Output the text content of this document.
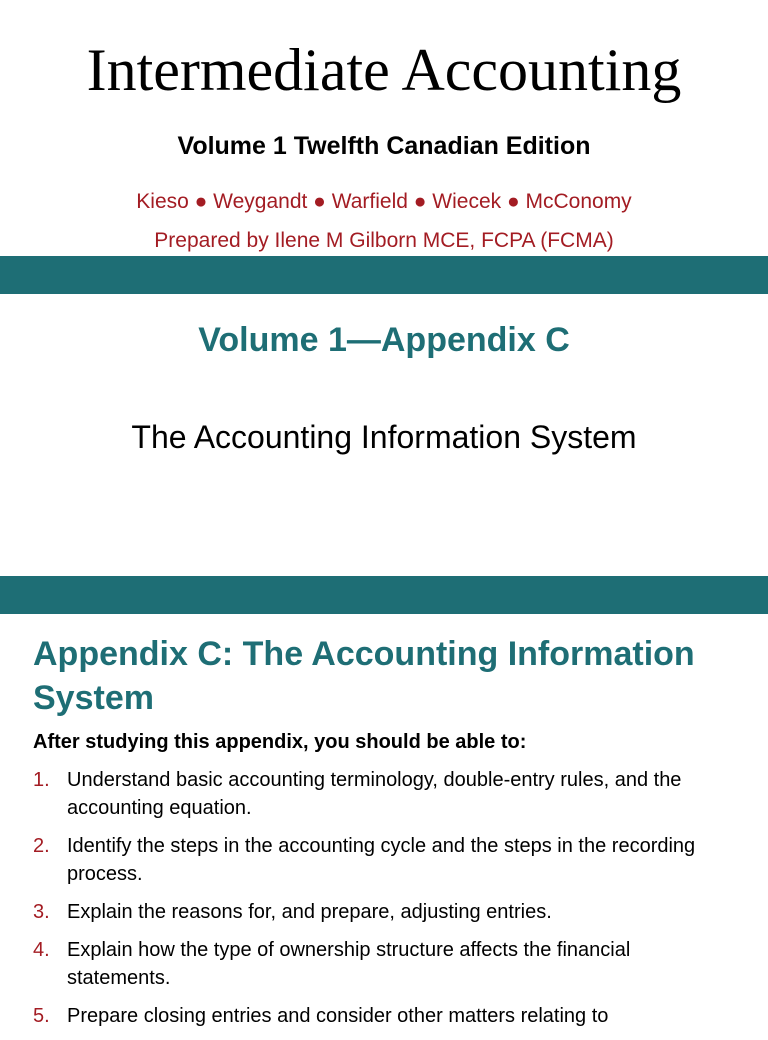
Intermediate Accounting
Volume 1 Twelfth Canadian Edition
Kieso ● Weygandt ● Warfield ● Wiecek ● McConomy
Prepared by Ilene M Gilborn MCE, FCPA (FCMA)
Volume 1—Appendix C
The Accounting Information System
Appendix C: The Accounting Information System
After studying this appendix, you should be able to:
1. Understand basic accounting terminology, double-entry rules, and the accounting equation.
2. Identify the steps in the accounting cycle and the steps in the recording process.
3. Explain the reasons for, and prepare, adjusting entries.
4. Explain how the type of ownership structure affects the financial statements.
5. Prepare closing entries and consider other matters relating to
